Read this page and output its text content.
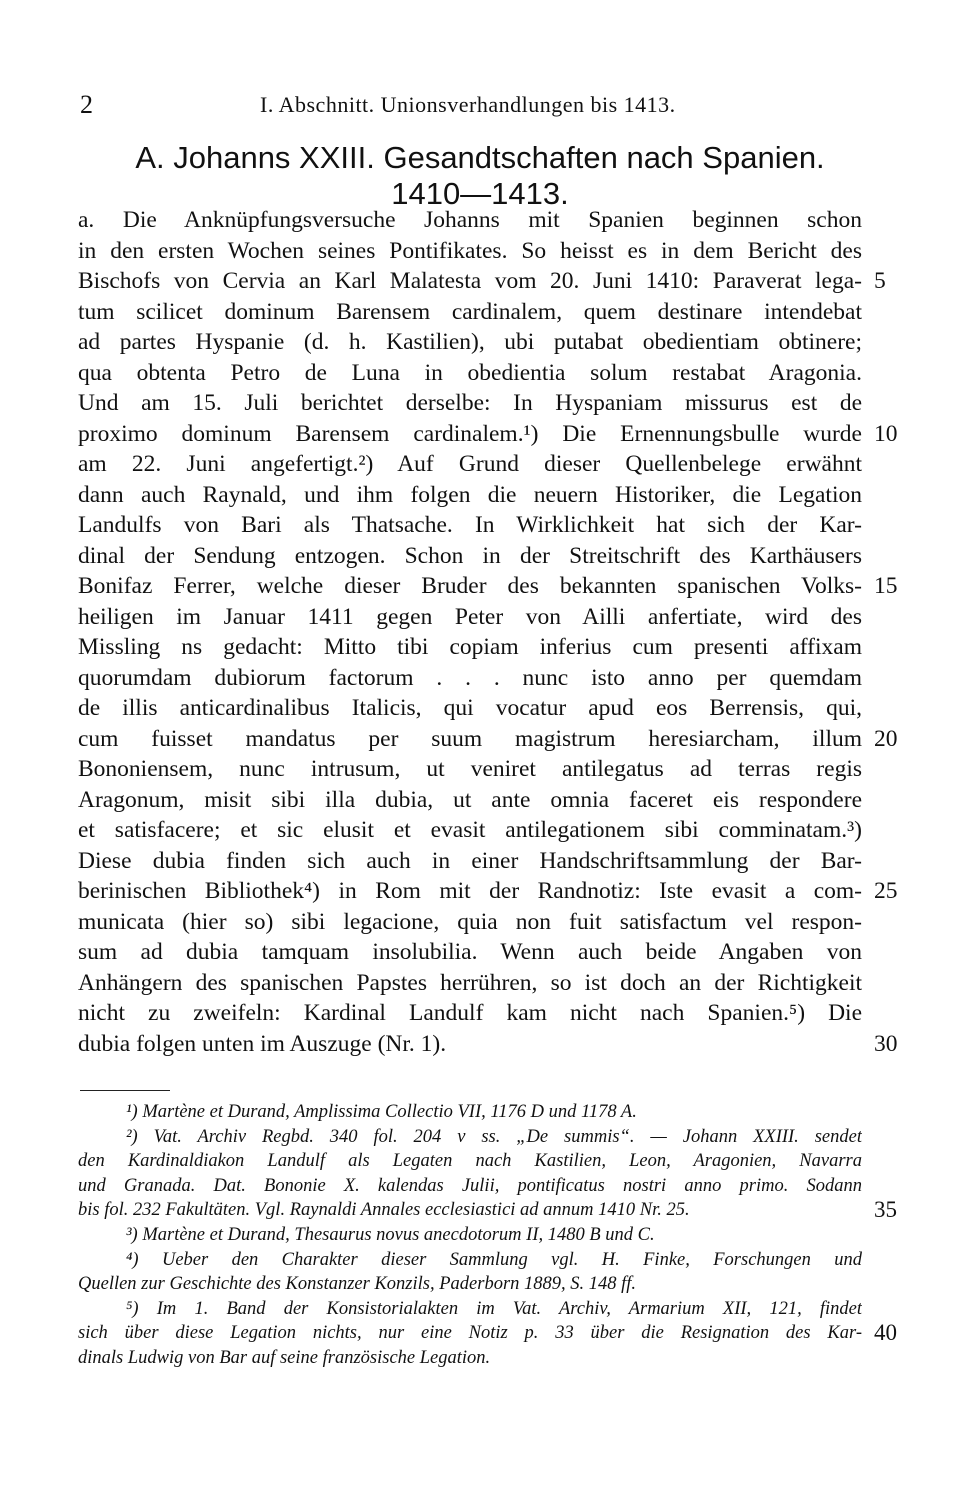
2	I. Abschnitt. Unionsverhandlungen bis 1413.
A. Johanns XXIII. Gesandtschaften nach Spanien.
1410—1413.
a. Die Anknüpfungsversuche Johanns mit Spanien beginnen schon
in den ersten Wochen seines Pontifikates. So heisst es in dem Bericht des
Bischofs von Cervia an Karl Malatesta vom 20. Juni 1410: Paraverat lega-
tum scilicet dominum Barensem cardinalem, quem destinare intendebat
ad partes Hyspanie (d. h. Kastilien), ubi putabat obedientiam obtinere;
qua obtenta Petro de Luna in obedientia solum restabat Aragonia.
Und am 15. Juli berichtet derselbe: In Hyspaniam missurus est de
proximo dominum Barensem cardinalem.¹) Die Ernennungsbulle wurde
am 22. Juni angefertigt.²) Auf Grund dieser Quellenbelege erwähnt
dann auch Raynald, und ihm folgen die neuern Historiker, die Legation
Landulfs von Bari als Thatsache. In Wirklichkeit hat sich der Kar-
dinal der Sendung entzogen. Schon in der Streitschrift des Karthäusers
Bonifaz Ferrer, welche dieser Bruder des bekannten spanischen Volks-
heiligen im Januar 1411 gegen Peter von Ailli anfertiate, wird des
Missling ns gedacht: Mitto tibi copiam inferius cum presenti affixam
quorumdam dubiorum factorum . . . nunc isto anno per quemdam
de illis anticardinalibus Italicis, qui vocatur apud eos Berrensis, qui,
cum fuisset mandatus per suum magistrum heresiarcham, illum
Bononiensem, nunc intrusum, ut veniret antilegatus ad terras regis
Aragonum, misit sibi illa dubia, ut ante omnia faceret eis respondere
et satisfacere; et sic elusit et evasit antilegationem sibi comminatam.³)
Diese dubia finden sich auch in einer Handschriftsammlung der Bar-
berinischen Bibliothek⁴) in Rom mit der Randnotiz: Iste evasit a com-
municata (hier so) sibi legacione, quia non fuit satisfactum vel respon-
sum ad dubia tamquam insolubilia. Wenn auch beide Angaben von
Anhängern des spanischen Papstes herrühren, so ist doch an der Richtigkeit
nicht zu zweifeln: Kardinal Landulf kam nicht nach Spanien.⁵) Die
dubia folgen unten im Auszuge (Nr. 1).
5
10
15
20
25
30
¹) Martène et Durand, Amplissima Collectio VII, 1176 D und 1178 A.
²) Vat. Archiv Regbd. 340 fol. 204 v ss. „De summis“. — Johann XXIII. sendet
den Kardinaldiakon Landulf als Legaten nach Kastilien, Leon, Aragonien, Navarra
und Granada. Dat. Bononie X. kalendas Julii, pontificatus nostri anno primo. Sodann
bis fol. 232 Fakultäten. Vgl. Raynaldi Annales ecclesiastici ad annum 1410 Nr. 25.
³) Martène et Durand, Thesaurus novus anecdotorum II, 1480 B und C.
⁴) Ueber den Charakter dieser Sammlung vgl. H. Finke, Forschungen und
Quellen zur Geschichte des Konstanzer Konzils, Paderborn 1889, S. 148 ff.
⁵) Im 1. Band der Konsistorialakten im Vat. Archiv, Armarium XII, 121, findet
sich über diese Legation nichts, nur eine Notiz p. 33 über die Resignation des Kar-
dinals Ludwig von Bar auf seine französische Legation.
35
40
